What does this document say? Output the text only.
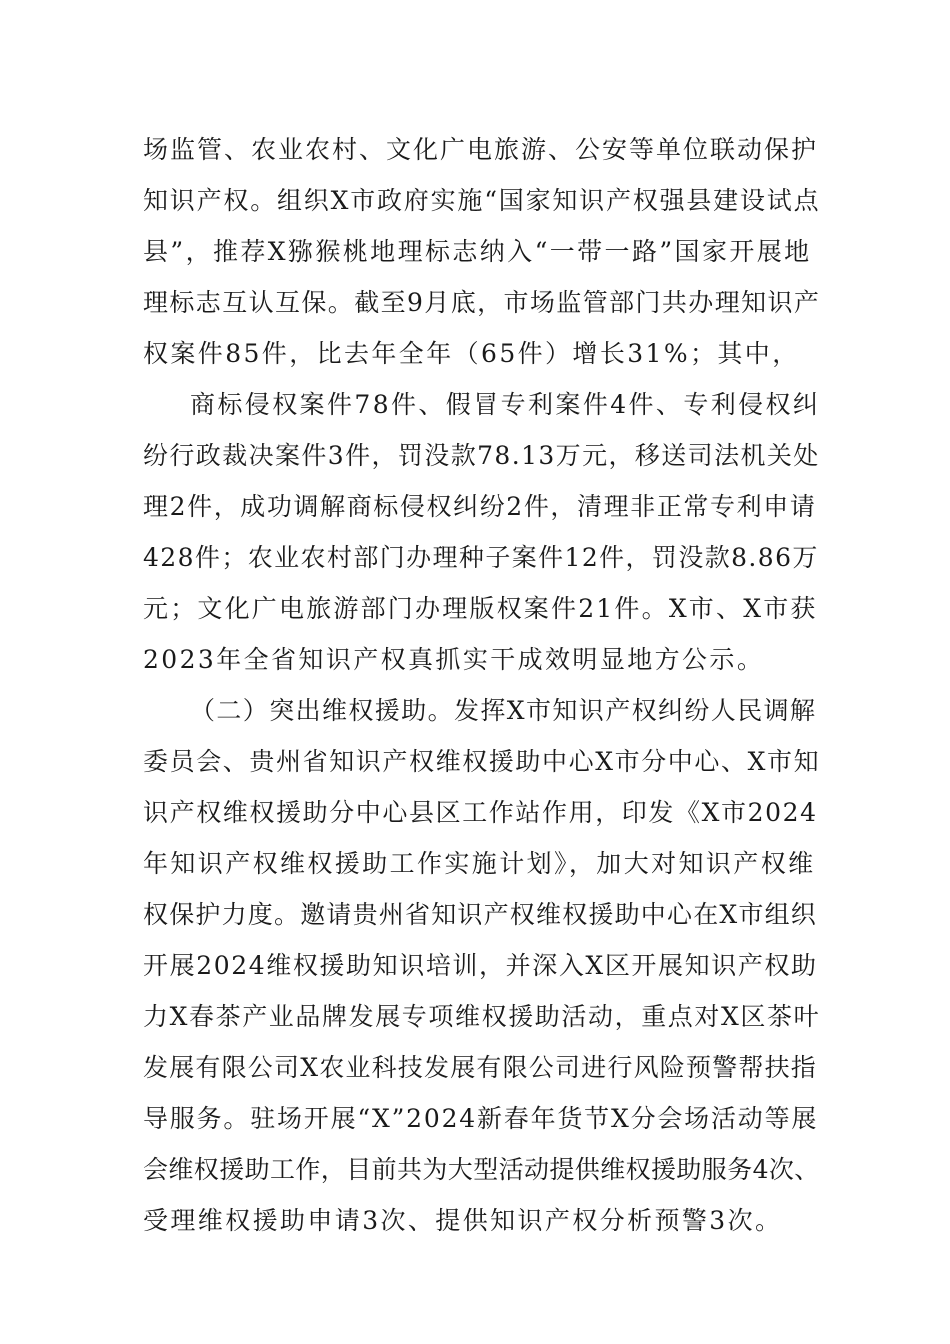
场监管、农业农村、文化广电旅游、公安等单位联动保护
知识产权。组织X市政府实施“国家知识产权强县建设试点
县”，推荐X猕猴桃地理标志纳入“一带一路”国家开展地
理标志互认互保。截至9月底，市场监管部门共办理知识产
权案件85件，比去年全年（65件）增长31%；其中，
商标侵权案件78件、假冒专利案件4件、专利侵权纠
纷行政裁决案件3件，罚没款78.13万元，移送司法机关处
理2件，成功调解商标侵权纠纷2件，清理非正常专利申请
428件；农业农村部门办理种子案件12件，罚没款8.86万
元；文化广电旅游部门办理版权案件21件。X市、X市获
2023年全省知识产权真抓实干成效明显地方公示。
（二）突出维权援助。发挥X市知识产权纠纷人民调解
委员会、贵州省知识产权维权援助中心X市分中心、X市知
识产权维权援助分中心县区工作站作用，印发《X市2024
年知识产权维权援助工作实施计划》，加大对知识产权维
权保护力度。邀请贵州省知识产权维权援助中心在X市组织
开展2024维权援助知识培训，并深入X区开展知识产权助
力X春茶产业品牌发展专项维权援助活动，重点对X区茶叶
发展有限公司X农业科技发展有限公司进行风险预警帮扶指
导服务。驻场开展“X”2024新春年货节X分会场活动等展
会维权援助工作，目前共为大型活动提供维权援助服务4次、
受理维权援助申请3次、提供知识产权分析预警3次。
